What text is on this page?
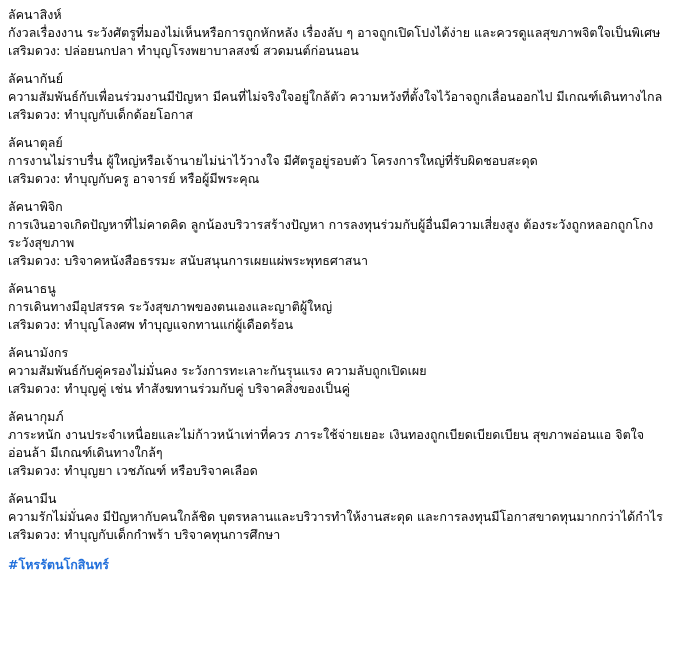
ลัคนาสิงห์
กังวลเรื่องงาน ระวังศัตรูที่มองไม่เห็นหรือการถูกหักหลัง เรื่องลับ ๆ อาจถูกเปิดโปงได้ง่าย และควรดูแลสุขภาพจิตใจเป็นพิเศษ
เสริมดวง: ปล่อยนกปลา ทำบุญโรงพยาบาลสงฆ์ สวดมนต์ก่อนนอน
ลัคนากันย์
ความสัมพันธ์กับเพื่อนร่วมงานมีปัญหา มีคนที่ไม่จริงใจอยู่ใกล้ตัว ความหวังที่ตั้งใจไว้อาจถูกเลื่อนออกไป มีเกณฑ์เดินทางไกล
เสริมดวง: ทำบุญกับเด็กด้อยโอกาส
ลัคนาตุลย์
การงานไม่ราบรื่น ผู้ใหญ่หรือเจ้านายไม่น่าไว้วางใจ มีศัตรูอยู่รอบตัว โครงการใหญ่ที่รับผิดชอบสะดุด
เสริมดวง: ทำบุญกับครู อาจารย์ หรือผู้มีพระคุณ
ลัคนาพิจิก
การเงินอาจเกิดปัญหาที่ไม่คาดคิด ลูกน้องบริวารสร้างปัญหา การลงทุนร่วมกับผู้อื่นมีความเสี่ยงสูง ต้องระวังถูกหลอกถูกโกง ระวังสุขภาพ
เสริมดวง: บริจาคหนังสือธรรมะ สนับสนุนการเผยแผ่พระพุทธศาสนา
ลัคนาธนู
การเดินทางมีอุปสรรค ระวังสุขภาพของตนเองและญาติผู้ใหญ่
เสริมดวง: ทำบุญโลงศพ ทำบุญแจกทานแก่ผู้เดือดร้อน
ลัคนามังกร
ความสัมพันธ์กับคู่ครองไม่มั่นคง ระวังการทะเลาะกันรุนแรง ความลับถูกเปิดเผย
เสริมดวง: ทำบุญคู่ เช่น ทำสังฆทานร่วมกับคู่ บริจาคสิ่งของเป็นคู่
ลัคนากุมภ์
ภาระหนัก งานประจำเหนื่อยและไม่ก้าวหน้าเท่าที่ควร ภาระใช้จ่ายเยอะ เงินทองถูกเบียดเบียดเบียน สุขภาพอ่อนแอ จิตใจอ่อนล้า มีเกณฑ์เดินทางใกล้ๆ
เสริมดวง: ทำบุญยา เวชภัณฑ์ หรือบริจาคเลือด
ลัคนามีน
ความรักไม่มั่นคง มีปัญหากับคนใกล้ชิด บุตรหลานและบริวารทำให้งานสะดุด และการลงทุนมีโอกาสขาดทุนมากกว่าได้กำไร
เสริมดวง: ทำบุญกับเด็กกำพร้า บริจาคทุนการศึกษา
#โหรรัตนโกสินทร์
